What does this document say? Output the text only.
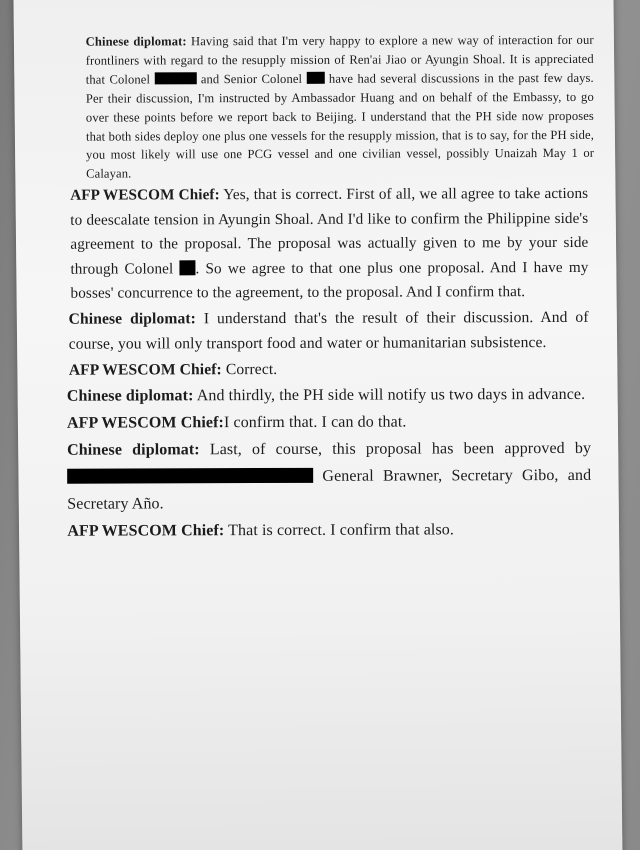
Chinese diplomat: Having said that I'm very happy to explore a new way of interaction for our frontliners with regard to the resupply mission of Ren'ai Jiao or Ayungin Shoal. It is appreciated that Colonel	and Senior Colonel  have had several discussions in the past few days. Per their discussion, I'm instructed by Ambassador Huang and on behalf of the Embassy, to go over these points before we report back to Beijing. I understand that the PH side now proposes that both sides deploy one plus one vessels for the resupply mission, that is to say, for the PH side, you most likely will use one PCG vessel and one civilian vessel, possibly Unaizah May 1 or Calayan.

AFP WESCOM Chief: Yes, that is correct. First of all, we all agree to take actions to deescalate tension in Ayungin Shoal. And I'd like to confirm the Philippine side's agreement to the proposal. The proposal was actually given to me by your side through Colonel . So we agree to that one plus one proposal. And I have my bosses' concurrence to the agreement, to the proposal. And I confirm that.

Chinese diplomat: I understand that's the result of their discussion. And of course, you will only transport food and water or humanitarian subsistence.

AFP WESCOM Chief: Correct.

Chinese diplomat: And thirdly, the PH side will notify us two days in advance.

AFP WESCOM Chief:I confirm that. I can do that.

Chinese diplomat: Last, of course, this proposal has been approved by  General Brawner, Secretary Gibo, and Secretary Año.

AFP WESCOM Chief: That is correct. I confirm that also.
